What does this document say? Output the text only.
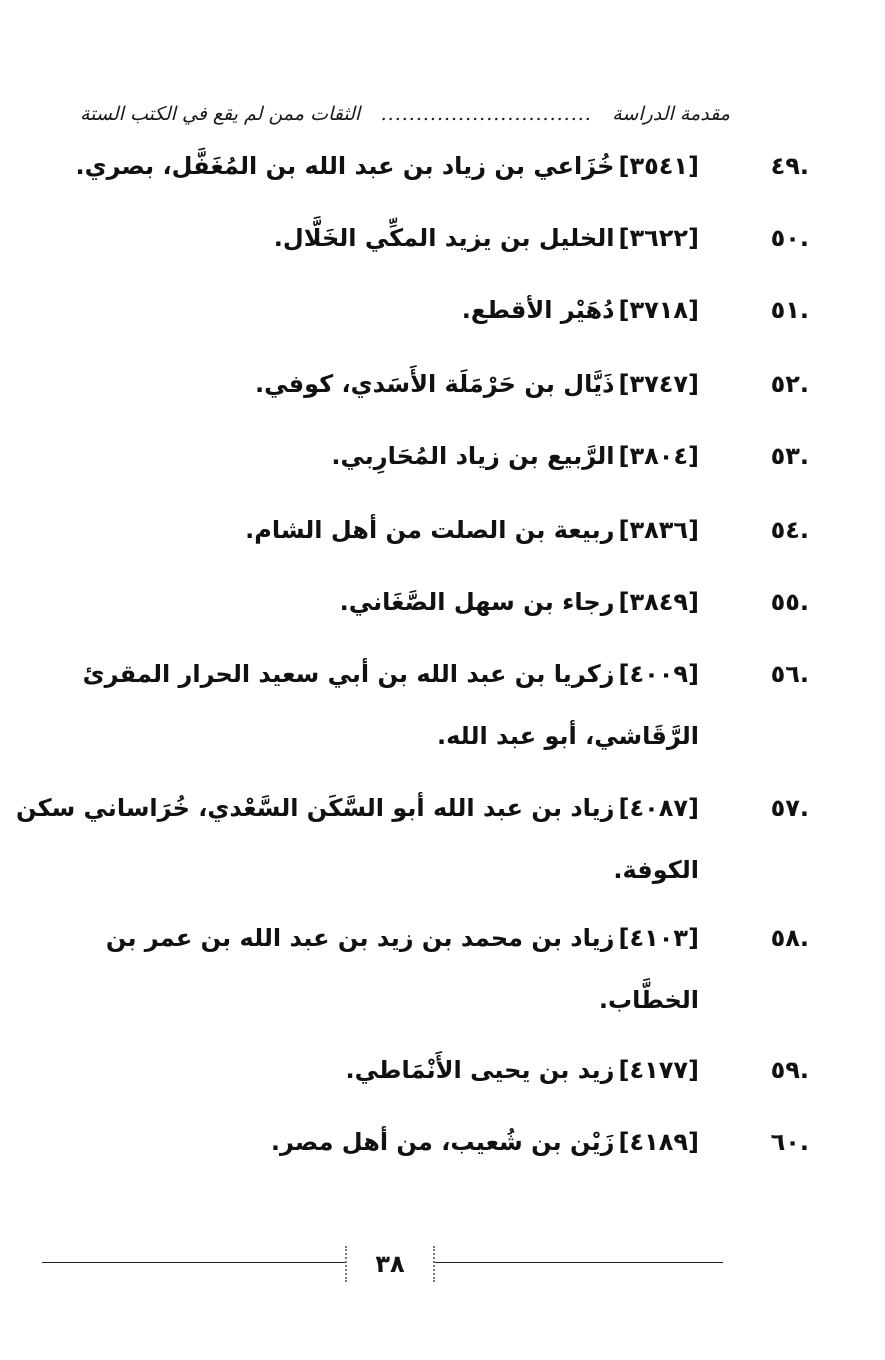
مقدمة الدراسة
..............................
الثقات ممن لم يقع في الكتب الستة
.٤٩
[٣٥٤١]خُزَاعي بن زياد بن عبد الله بن المُغَفَّل، بصري.
.٥٠
[٣٦٢٢]الخليل بن يزيد المكِّي الخَلَّال.
.٥١
[٣٧١٨]دُهَيْر الأقطع.
.٥٢
[٣٧٤٧]ذَيَّال بن حَرْمَلَة الأَسَدي، كوفي.
.٥٣
[٣٨٠٤]الرَّبيع بن زياد المُحَارِبي.
.٥٤
[٣٨٣٦]ربيعة بن الصلت من أهل الشام.
.٥٥
[٣٨٤٩]رجاء بن سهل الصَّغَاني.
.٥٦
[٤٠٠٩]زكريا بن عبد الله بن أبي سعيد الحرار المقرئ
الرَّقَاشي، أبو عبد الله.
.٥٧
[٤٠٨٧]زياد بن عبد الله أبو السَّكَن السَّعْدي، خُرَاساني سكن
الكوفة.
.٥٨
[٤١٠٣]زياد بن محمد بن زيد بن عبد الله بن عمر بن
الخطَّاب.
.٥٩
[٤١٧٧]زيد بن يحيى الأَنْمَاطي.
.٦٠
[٤١٨٩]زَيْن بن شُعيب، من أهل مصر.
٣٨
